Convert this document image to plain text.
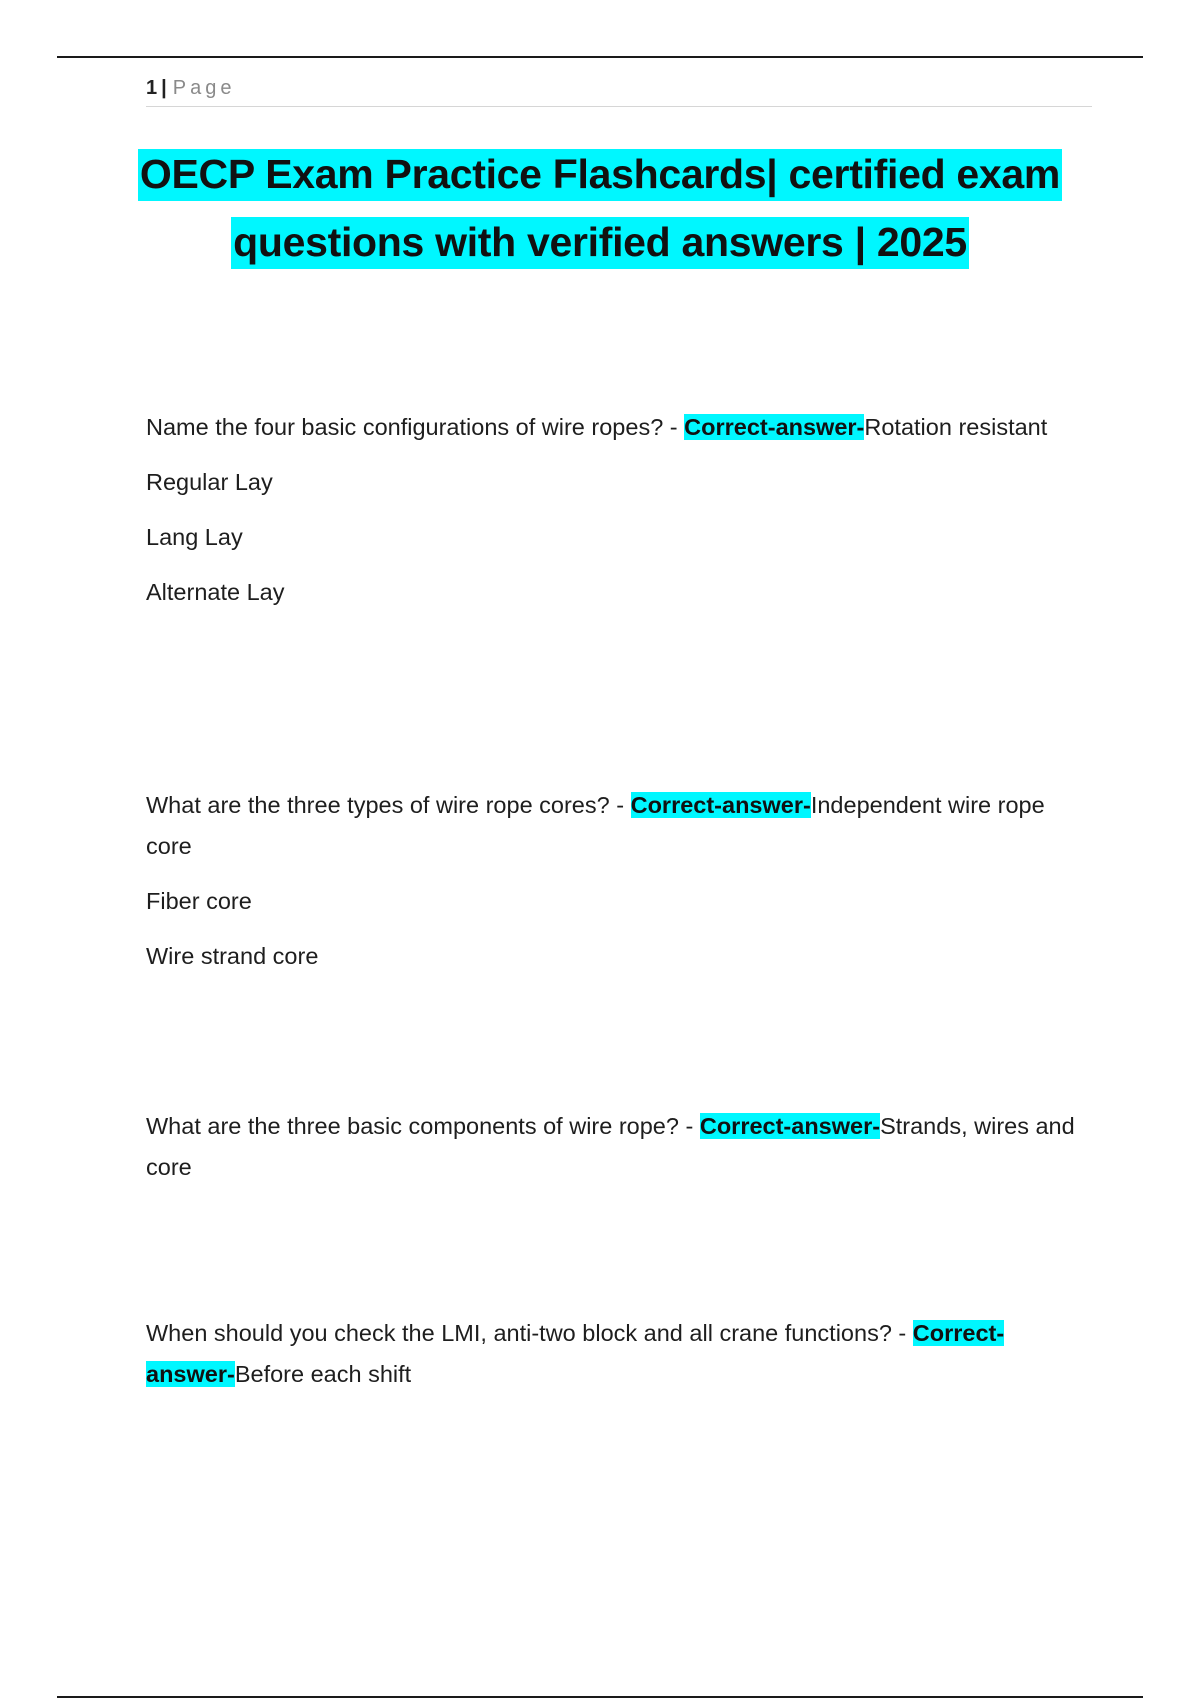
1 | Page
OECP Exam Practice Flashcards| certified exam
questions with verified answers | 2025

Name the four basic configurations of wire ropes? - Correct-answer-Rotation resistant

Regular Lay

Lang Lay

Alternate Lay

What are the three types of wire rope cores? - Correct-answer-Independent wire rope core

Fiber core

Wire strand core

What are the three basic components of wire rope? - Correct-answer-Strands, wires and core

When should you check the LMI, anti-two block and all crane functions? - Correct-answer-Before each shift
